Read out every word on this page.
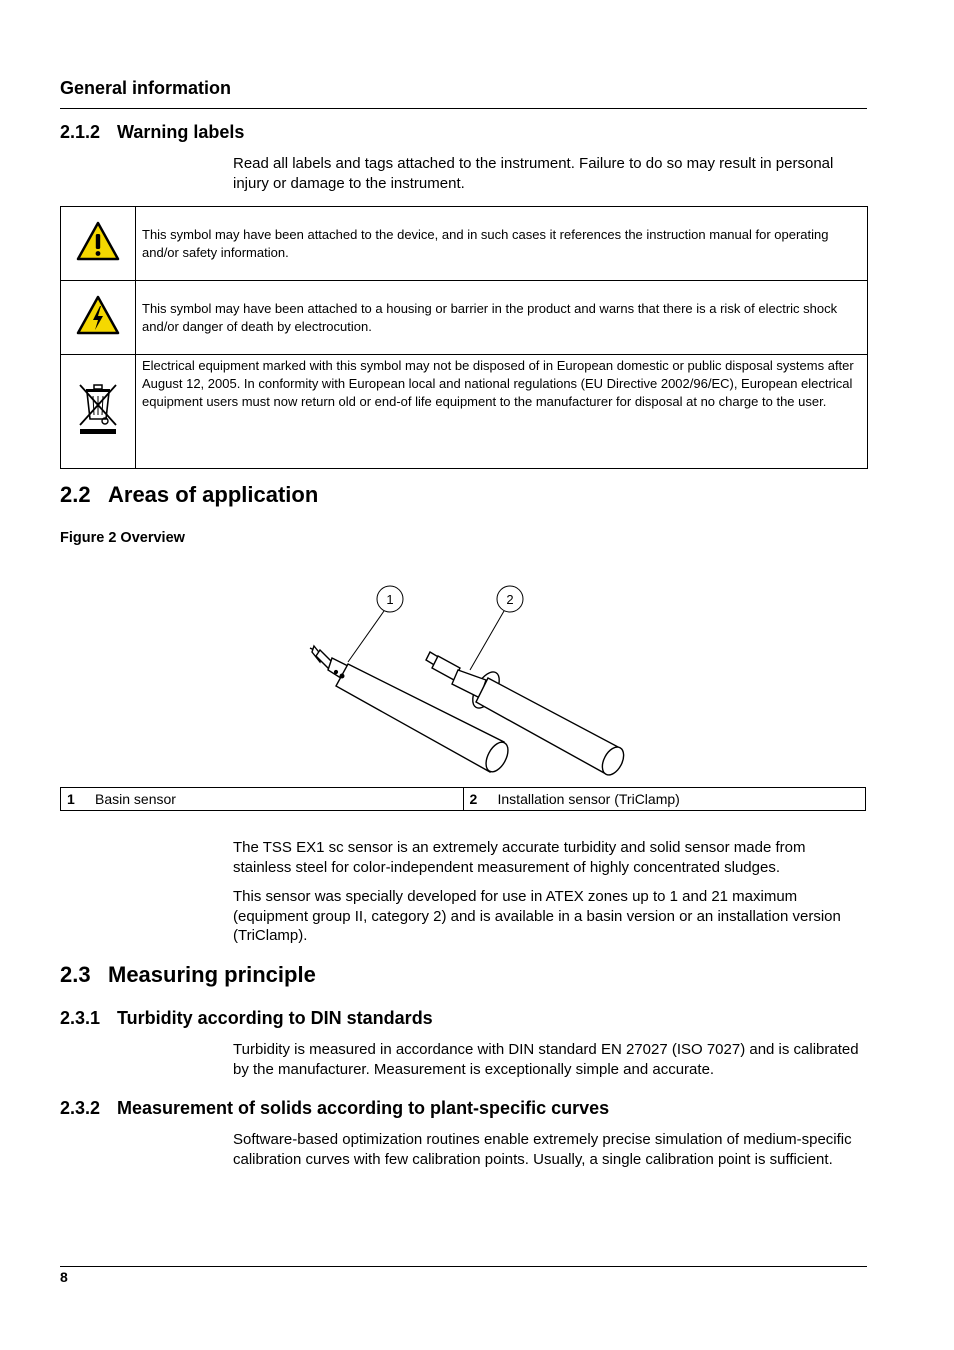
General information
2.1.2 Warning labels

Read all labels and tags attached to the instrument. Failure to do so may result in personal injury or damage to the instrument.

	This symbol may have been attached to the device, and in such cases it references the instruction manual for operating and/or safety information.
	This symbol may have been attached to a housing or barrier in the product and warns that there is a risk of electric shock and/or danger of death by electrocution.
	Electrical equipment marked with this symbol may not be disposed of in European domestic or public disposal systems after August 12, 2005. In conformity with European local and national regulations (EU Directive 2002/96/EC), European electrical equipment users must now return old or end-of life equipment to the manufacturer for disposal at no charge to the user.
2.2 Areas of application
Figure 2 Overview
1	2
1 Basin sensor	2 Installation sensor (TriClamp)

The TSS EX1 sc sensor is an extremely accurate turbidity and solid sensor made from stainless steel for color-independent measurement of highly concentrated sludges.

This sensor was specially developed for use in ATEX zones up to 1 and 21 maximum (equipment group II, category 2) and is available in a basin version or an installation version (TriClamp).

2.3 Measuring principle
2.3.1 Turbidity according to DIN standards

Turbidity is measured in accordance with DIN standard EN 27027 (ISO 7027) and is calibrated by the manufacturer. Measurement is exceptionally simple and accurate.

2.3.2 Measurement of solids according to plant-specific curves

Software-based optimization routines enable extremely precise simulation of medium-specific calibration curves with few calibration points. Usually, a single calibration point is sufficient.

8
